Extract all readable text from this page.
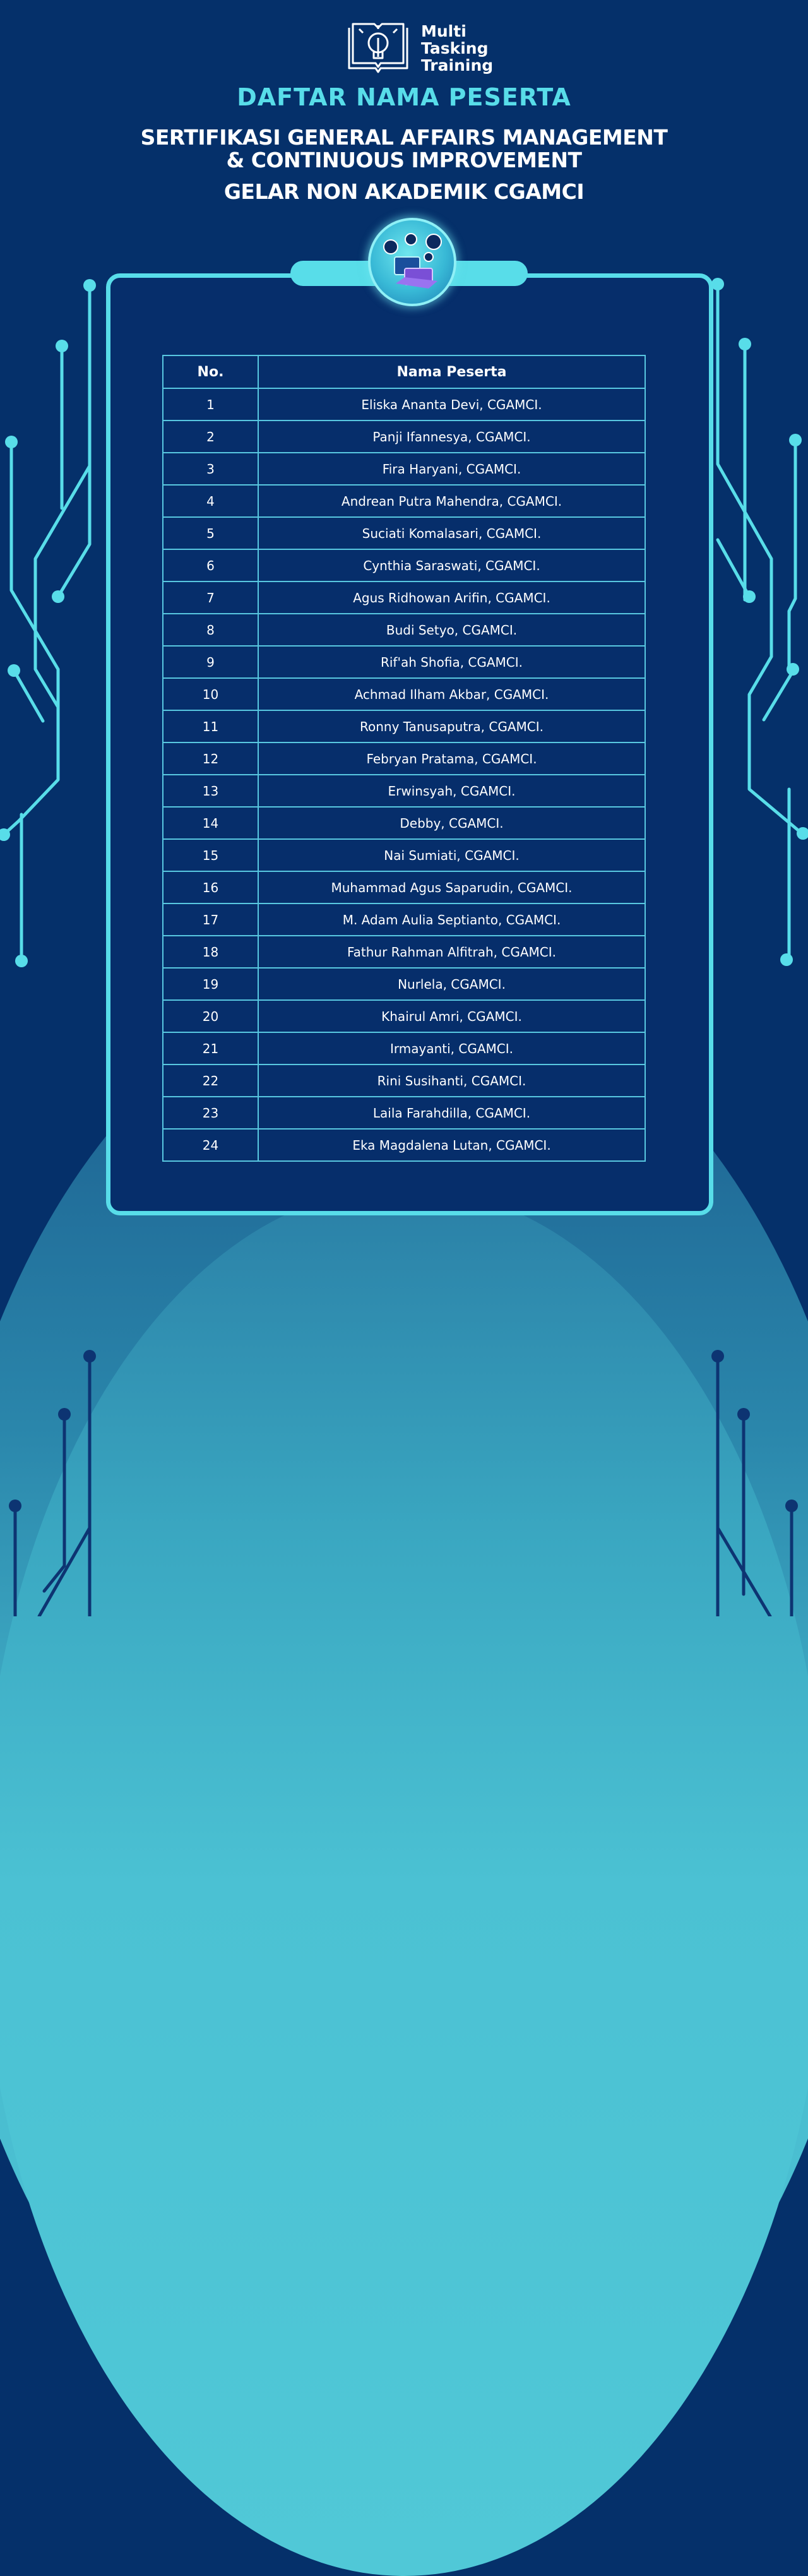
Multi
Tasking
Training
DAFTAR NAMA PESERTA
SERTIFIKASI GENERAL AFFAIRS MANAGEMENT
& CONTINUOUS IMPROVEMENT
GELAR NON AKADEMIK CGAMCI
No.	Nama Peserta
1	Eliska Ananta Devi, CGAMCI.
2	Panji Ifannesya, CGAMCI.
3	Fira Haryani, CGAMCI.
4	Andrean Putra Mahendra, CGAMCI.
5	Suciati Komalasari, CGAMCI.
6	Cynthia Saraswati, CGAMCI.
7	Agus Ridhowan Arifin, CGAMCI.
8	Budi Setyo, CGAMCI.
9	Rif'ah Shofia, CGAMCI.
10	Achmad Ilham Akbar, CGAMCI.
11	Ronny Tanusaputra, CGAMCI.
12	Febryan Pratama, CGAMCI.
13	Erwinsyah, CGAMCI.
14	Debby, CGAMCI.
15	Nai Sumiati, CGAMCI.
16	Muhammad Agus Saparudin, CGAMCI.
17	M. Adam Aulia Septianto, CGAMCI.
18	Fathur Rahman Alfitrah, CGAMCI.
19	Nurlela, CGAMCI.
20	Khairul Amri, CGAMCI.
21	Irmayanti, CGAMCI.
22	Rini Susihanti, CGAMCI.
23	Laila Farahdilla, CGAMCI.
24	Eka Magdalena Lutan, CGAMCI.
